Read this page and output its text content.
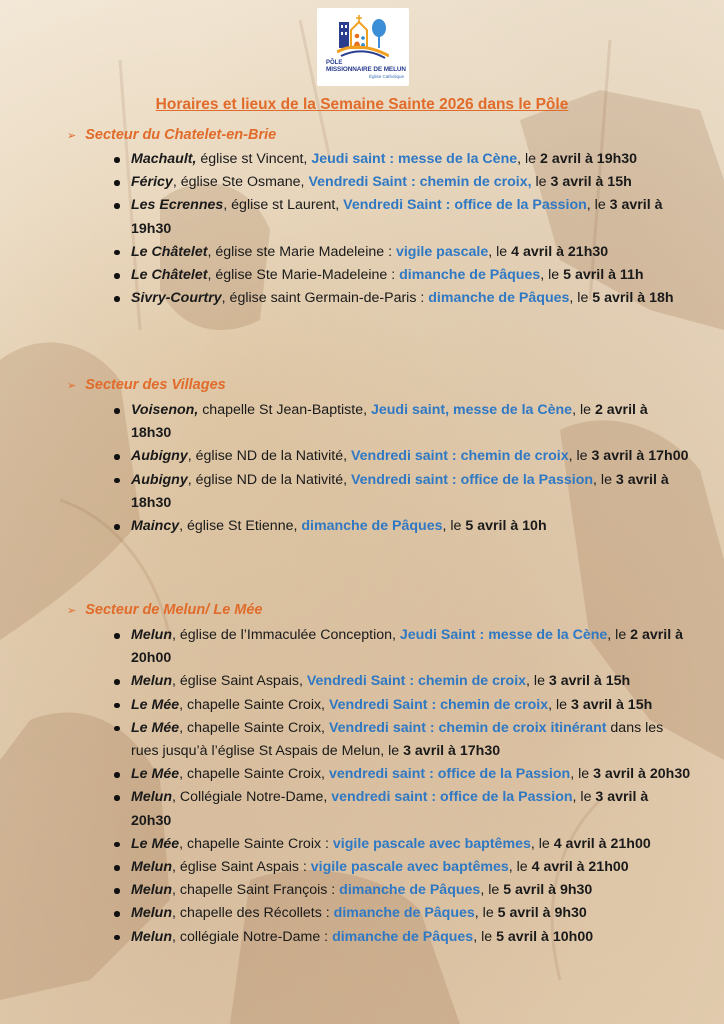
PÔLE
MISSIONNAIRE DE MELUN
Église Catholique
Horaires et lieux de la Semaine Sainte 2026 dans le Pôle
➢ Secteur du Chatelet-en-Brie
Machault, église st Vincent, Jeudi saint : messe de la Cène, le 2 avril à 19h30
Féricy, église Ste Osmane, Vendredi Saint : chemin de croix, le 3 avril à 15h
Les Ecrennes, église st Laurent, Vendredi Saint : office de la Passion, le 3 avril à 19h30
Le Châtelet, église ste Marie Madeleine : vigile pascale, le 4 avril à 21h30
Le Châtelet, église Ste Marie-Madeleine : dimanche de Pâques, le 5 avril à 11h
Sivry-Courtry, église saint Germain-de-Paris : dimanche de Pâques, le 5 avril à 18h
➢ Secteur des Villages
Voisenon, chapelle St Jean-Baptiste, Jeudi saint, messe de la Cène, le 2 avril à 18h30
Aubigny, église ND de la Nativité, Vendredi saint : chemin de croix, le 3 avril à 17h00
Aubigny, église ND de la Nativité, Vendredi saint : office de la Passion, le 3 avril à 18h30
Maincy, église St Etienne, dimanche de Pâques, le 5 avril à 10h
➢ Secteur de Melun/ Le Mée
Melun, église de l’Immaculée Conception, Jeudi Saint : messe de la Cène, le 2 avril à 20h00
Melun, église Saint Aspais, Vendredi Saint : chemin de croix, le 3 avril à 15h
Le Mée, chapelle Sainte Croix, Vendredi Saint : chemin de croix, le 3 avril à 15h
Le Mée, chapelle Sainte Croix, Vendredi saint : chemin de croix itinérant dans les rues jusqu’à l’église St Aspais de Melun, le 3 avril à 17h30
Le Mée, chapelle Sainte Croix, vendredi saint : office de la Passion, le 3 avril à 20h30
Melun, Collégiale Notre-Dame, vendredi saint : office de la Passion, le 3 avril à 20h30
Le Mée, chapelle Sainte Croix : vigile pascale avec baptêmes, le 4 avril à 21h00
Melun, église Saint Aspais : vigile pascale avec baptêmes, le 4 avril à 21h00
Melun, chapelle Saint François : dimanche de Pâques, le 5 avril à 9h30
Melun, chapelle des Récollets : dimanche de Pâques, le 5 avril à 9h30
Melun, collégiale Notre-Dame : dimanche de Pâques, le 5 avril à 10h00
